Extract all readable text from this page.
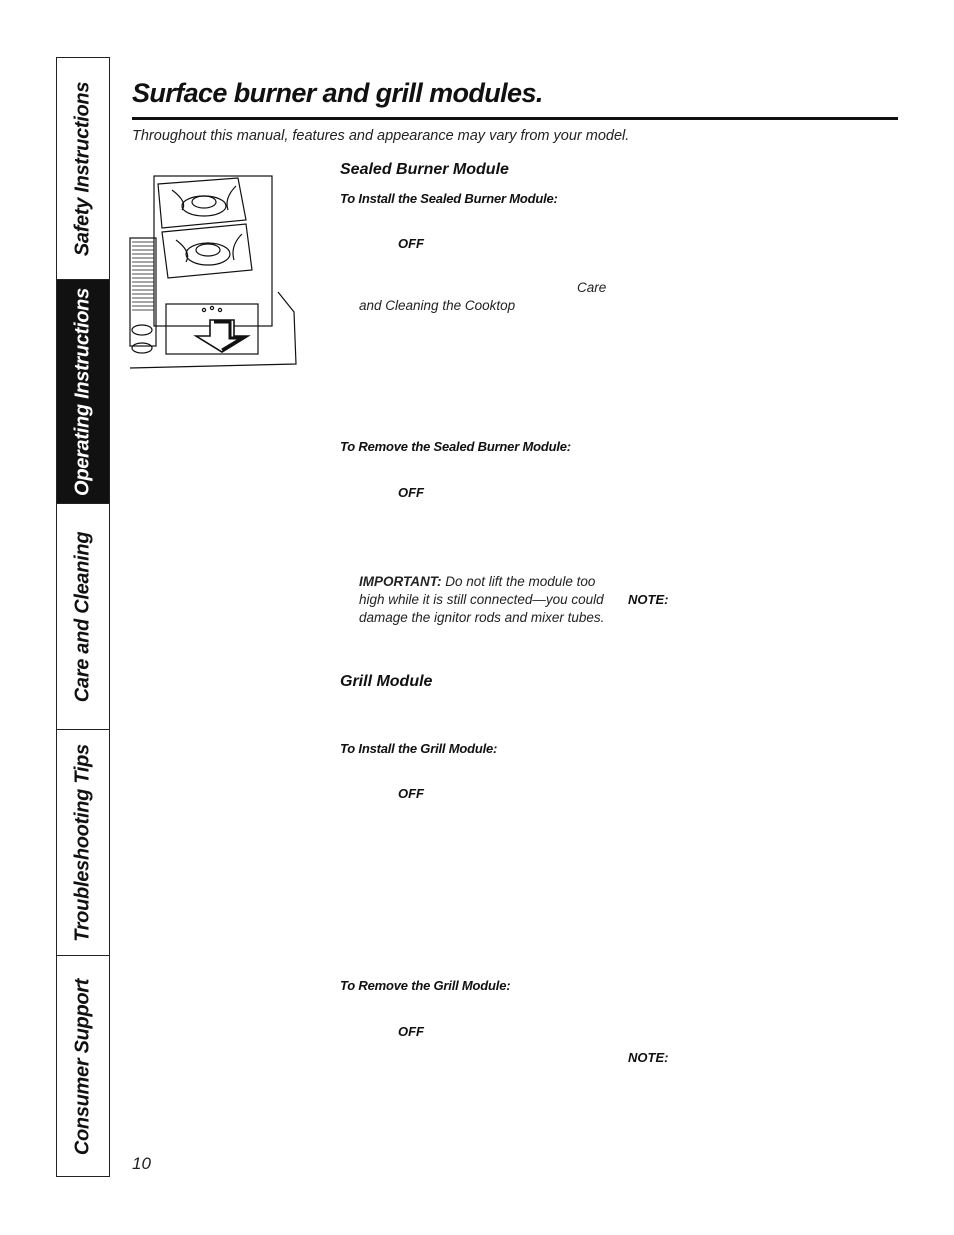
Safety Instructions
Operating Instructions
Care and Cleaning
Troubleshooting Tips
Consumer Support
Surface burner and grill modules.
Throughout this manual, features and appearance may vary from your model.
Sealed Burner Module
To Install the Sealed Burner Module:
OFF
Care
and Cleaning the Cooktop
To Remove the Sealed Burner Module:
OFF
IMPORTANT: Do not lift the module too high while it is still connected—you could damage the ignitor rods and mixer tubes.
NOTE:
Grill Module
To Install the Grill Module:
OFF
To Remove the Grill Module:
OFF
NOTE:
10
